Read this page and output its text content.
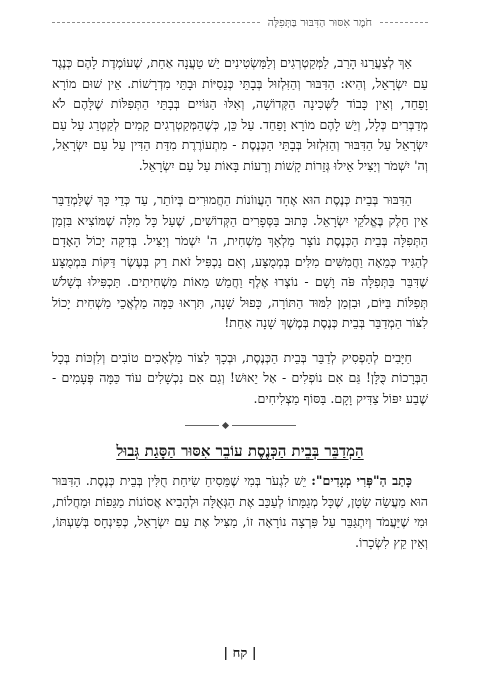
חֹמֶר אִסּוּר הַדִּבּוּר בַּתְּפִלָּה

אַךְ לְצַעֲרֵנוּ הָרַב, לַמְּקַטְרְגִים וְלַמַּשְׂטִינִים יֵשׁ טַעֲנָה אַחַת, שֶׁעוֹמֶדֶת לָהֶם כְּנֶגֶד עַם יִשְׂרָאֵל, וְהִיא: הַדִּבּוּר וְהַזִּלְזוּל בְּבָתֵּי כְּנֵסִיּוֹת וּבָתֵּי מִדְרָשׁוֹת. אֵין שׁוּם מוֹרָא וָפַחַד, וְאֵין כָּבוֹד לַשְּׁכִינָה הַקְּדוֹשָׁה, וְאִלּוּ הַגּוֹיִים בְּבָתֵּי הַתְּפִלּוֹת שֶׁלָּהֶם לֹא מְדַבְּרִים כְּלָל, וְיֵשׁ לָהֶם מוֹרָא וָפַחַד. עַל כֵּן, כְּשֶׁהַמְּקַטְרְגִים קָמִים לְקַטְרֵג עַל עַם יִשְׂרָאֵל עַל הַדִּבּוּר וְהַזִּלְזוּל בְּבָתֵּי הַכְּנֶסֶת - מִתְעוֹרֶרֶת מִדַּת הַדִּין עַל עַם יִשְׂרָאֵל, וְה' יִשְׁמֹר וְיַצִּיל אֵילוּ גְּזֵרוֹת קָשׁוֹת וְרָעוֹת בָּאוֹת עַל עַם יִשְׂרָאֵל.

הַדִּבּוּר בְּבֵית כְּנֶסֶת הוּא אֶחָד הָעֲווֹנוֹת הַחֲמוּרִים בְּיוֹתֵר, עַד כְּדֵי כָּךְ שֶׁלַּמְדַבֵּר אֵין חֵלֶק בֶּאֱלֹקֵי יִשְׂרָאֵל. כָּתוּב בַּסְּפָרִים הַקְּדוֹשִׁים, שֶׁעַל כָּל מִלָּה שֶׁמּוֹצִיא בִּזְמַן הַתְּפִלָּה בְּבֵית הַכְּנֶסֶת נוֹצָר מַלְאָךְ מַשְׁחִית, ה' יִשְׁמֹר וְיַצִּיל. בְּדִקָּה יָכוֹל הָאָדָם לְהַגִּיד כְּמֵאָה וַחֲמִשִּׁים מִלִּים בְּמְמֻצָּע, וְאִם נַכְפִּיל זֹאת רַק בְּעֶשֶׂר דַּקּוֹת בִּמְמֻצָּע שֶׁדִּבֵּר בַּתְּפִלָּה פֹּה וָשָׁם - נוֹצְרוּ אֶלֶף וַחֲמֵשׁ מֵאוֹת מַשְׁחִיתִים. תַּכְפִּילוּ בְּשָׁלֹשׁ תְּפִלּוֹת בַּיּוֹם, וּבִזְמַן לִמּוּד הַתּוֹרָה, כָּפוּל שָׁנָה, תִּרְאוּ כַּמָּה מַלְאֲכֵי מַשְׁחִית יָכוֹל לִצּוֹר הַמְדַבֵּר בְּבֵית כְּנֶסֶת בְּמֶשֶׁךְ שָׁנָה אַחַת!

חַיָּבִים לְהַפְסִיק לְדַבֵּר בְּבֵית הַכְּנֶסֶת, וּבְכָךְ לִצּוֹר מַלְאָכִים טוֹבִים וְלִזְכּוֹת בְּכָל הַבְּרָכוֹת כֻּלָּן! גַּם אִם נוֹפְלִים - אַל יֵאוּשׁ! וְגַם אִם נִכְשָׁלִים עוֹד כַּמָּה פְּעָמִים - שֶׁבַע יִפּוֹל צַדִּיק וָקָם. בַּסּוֹף מַצְלִיחִים.

הַמְדַבֵּר בְּבֵית הַכְּנֶסֶת עוֹבֵר אִסּוּר הַסָּגַת גְּבוּל

כָּתַב הַ"פְּרִי מְגָדִים": יֵשׁ לִגְעֹר בְּמִי שֶׁמֵּסִיחַ שִׂיחַת חֻלִּין בְּבֵית כְּנֶסֶת. הַדִּבּוּר הוּא מַעֲשֵׂה שָׂטָן, שֶׁכָּל מְגַמָּתוֹ לְעַכֵּב אֶת הַגְּאֻלָּה וּלְהָבִיא אֲסוֹנוֹת מַגֵּפוֹת וּמַחֲלוֹת, וּמִי שֶׁיַּעֲמֹד וְיִתְגַּבֵּר עַל פִּרְצָה נוֹרָאָה זוֹ, מַצִּיל אֶת עַם יִשְׂרָאֵל, כְּפִינְחָס בְּשַׁעְתּוֹ, וְאֵין קֵץ לִשְׂכָרוֹ.

| קח |
